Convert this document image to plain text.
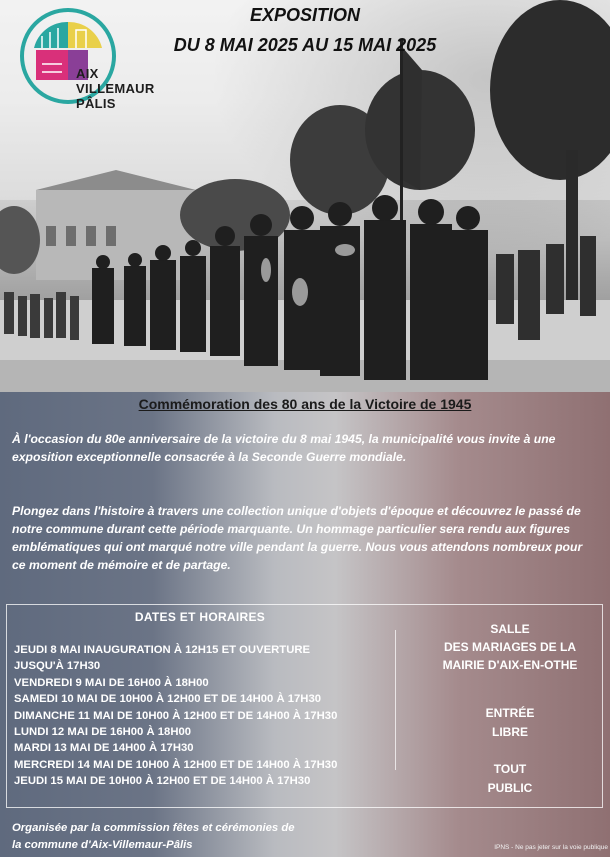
AIX
VILLEMAUR
PÂLIS
EXPOSITION
DU 8 MAI 2025 AU 15 MAI 2025
Commémoration des 80 ans de la Victoire de 1945
À l'occasion du 80e anniversaire de la victoire du 8 mai 1945, la municipalité vous invite à une exposition exceptionnelle consacrée à la Seconde Guerre mondiale.
Plongez dans l'histoire à travers une collection unique d'objets d'époque et découvrez le passé de notre commune durant cette période marquante. Un hommage particulier sera rendu aux figures emblématiques qui ont marqué notre ville pendant la guerre. Nous vous attendons nombreux pour ce moment de mémoire et de partage.
DATES ET HORAIRES
JEUDI 8 MAI INAUGURATION À 12H15 ET OUVERTURE JUSQU'À 17H30
VENDREDI 9 MAI DE 16H00 À 18H00
SAMEDI 10 MAI DE 10H00 À 12H00 ET DE 14H00 À 17H30
DIMANCHE 11 MAI DE 10H00 À 12H00 ET DE 14H00 À 17H30
LUNDI 12 MAI DE 16H00 À 18H00
MARDI 13 MAI DE 14H00 À 17H30
MERCREDI 14 MAI DE 10H00 À 12H00 ET DE 14H00 À 17H30
JEUDI 15 MAI DE 10H00 À 12H00 ET DE 14H00 À 17H30
SALLE
DES MARIAGES DE LA
MAIRIE D'AIX-EN-OTHE
ENTRÉE
LIBRE
TOUT
PUBLIC
Organisée par la commission fêtes et cérémonies de
la commune d'Aix-Villemaur-Pâlis	IPNS - Ne pas jeter sur la voie publique
